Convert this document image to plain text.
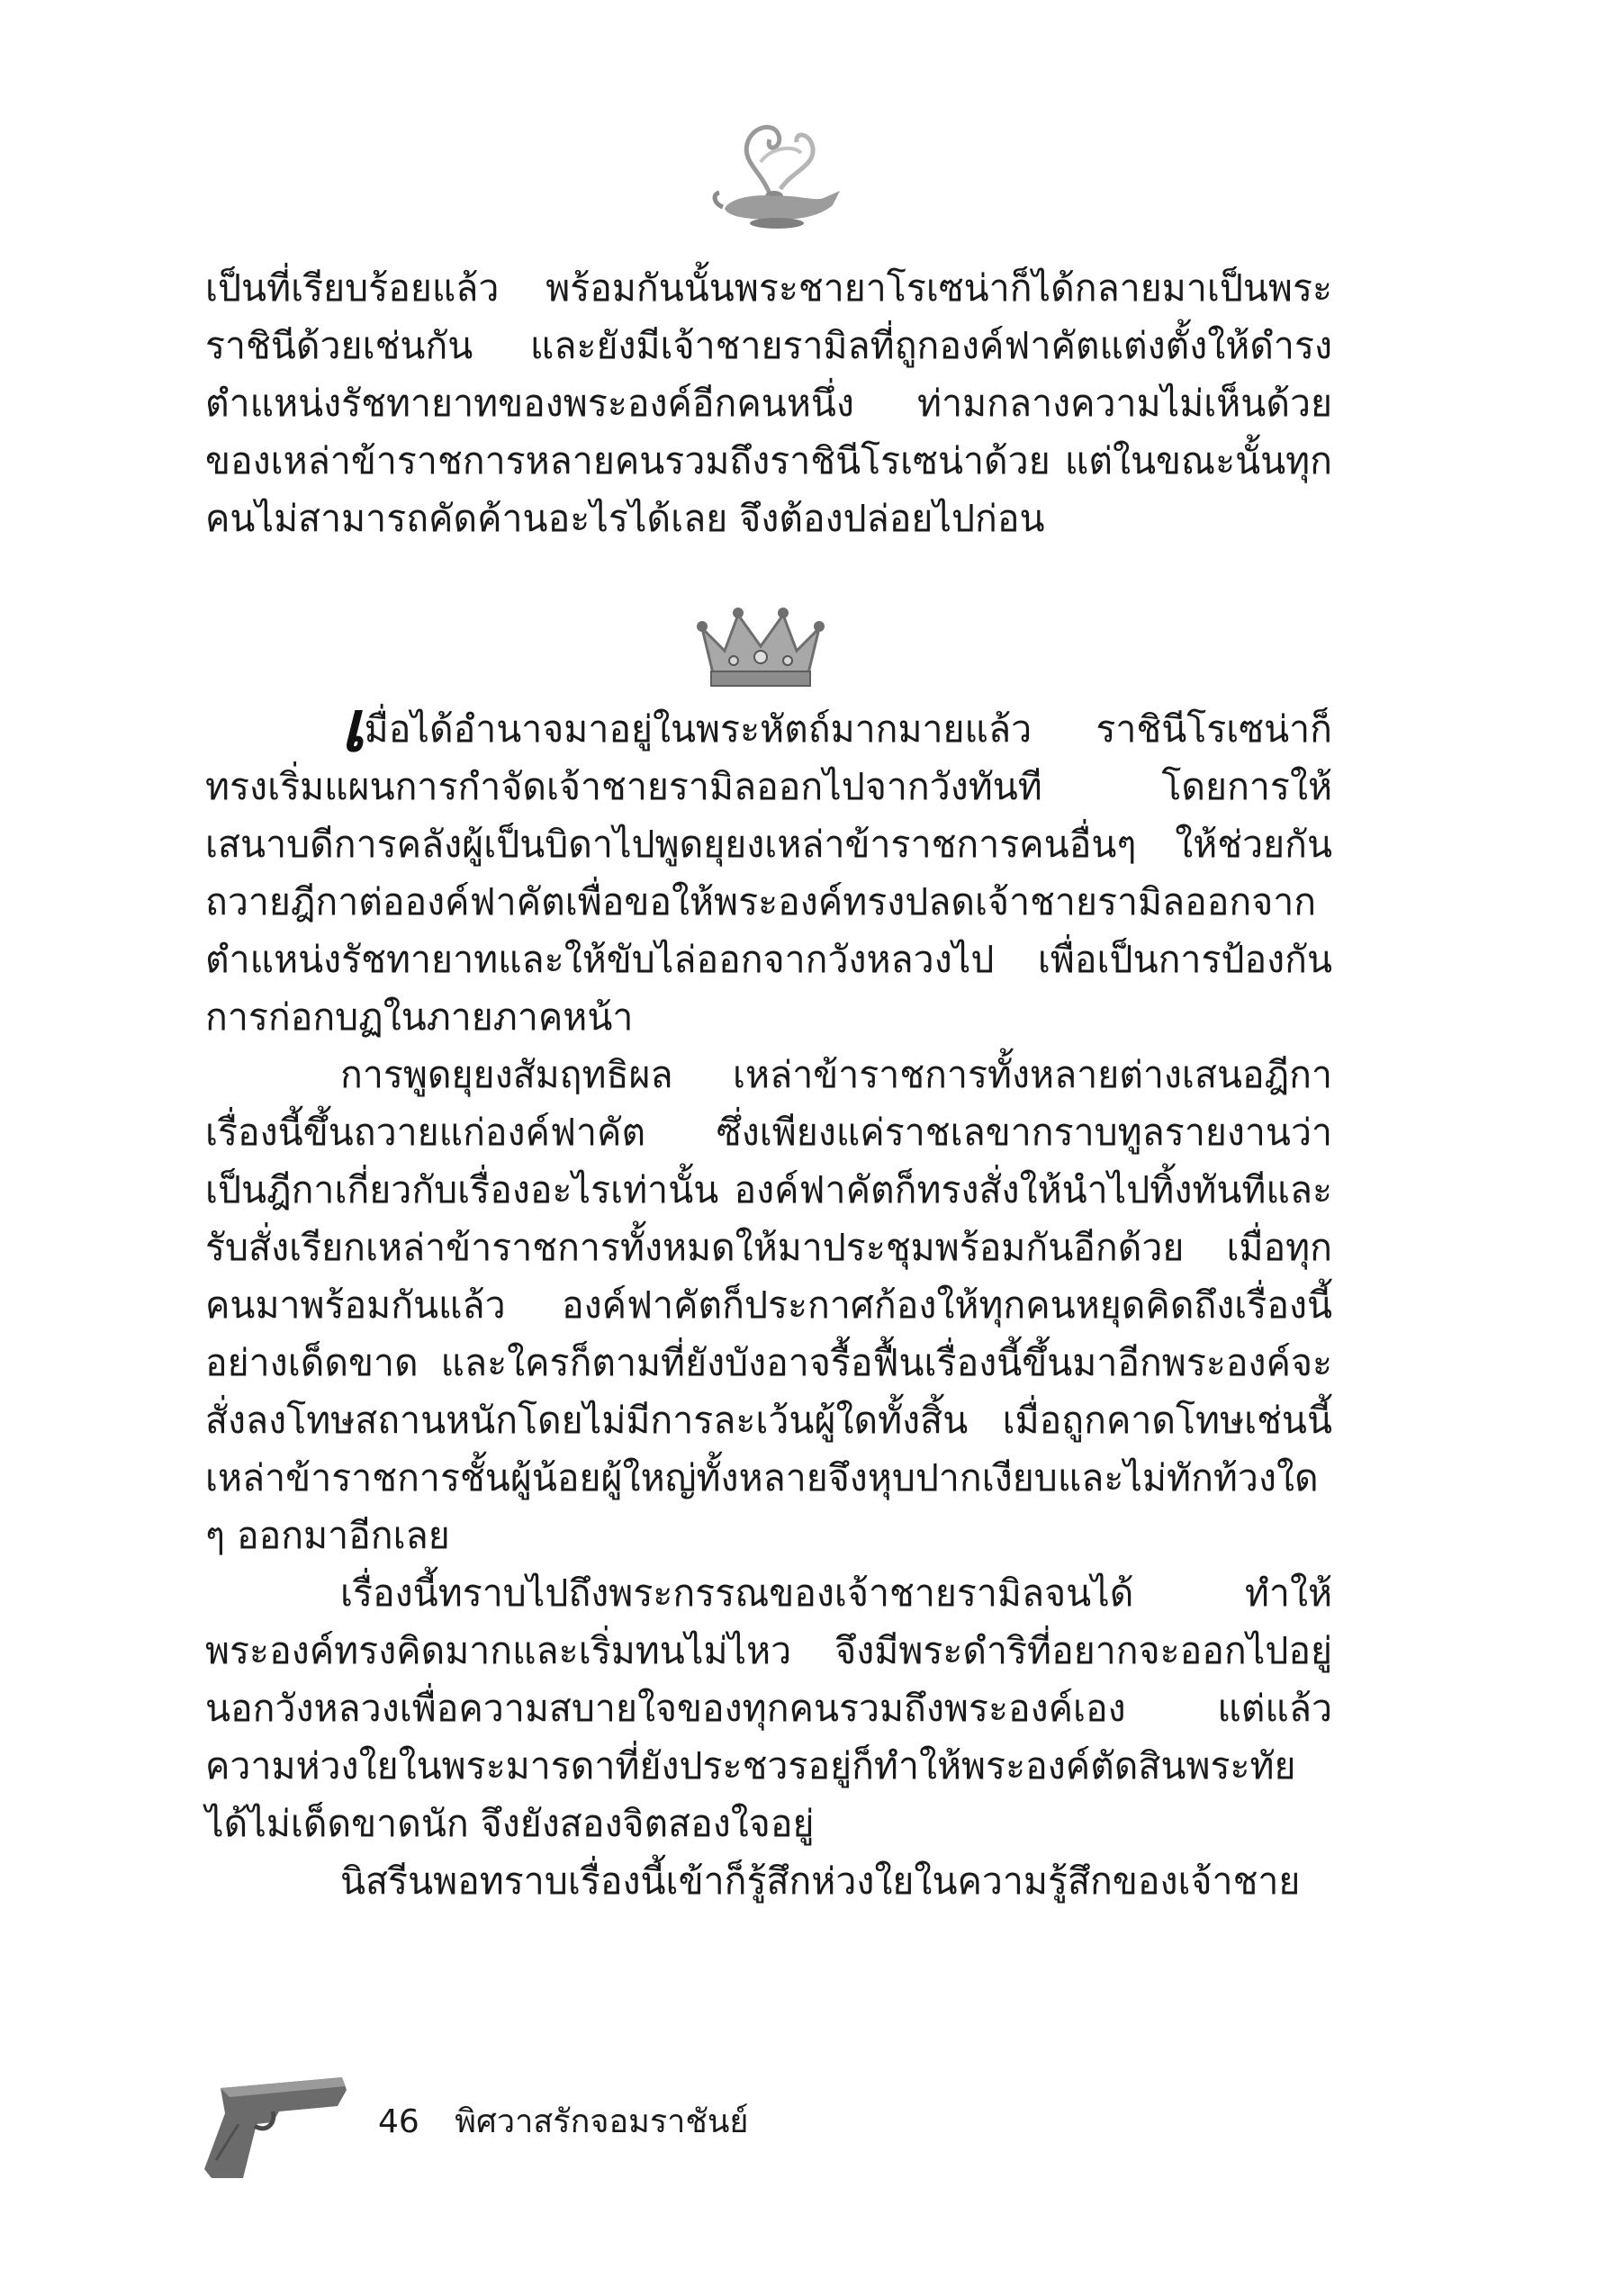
เป็นที่เรียบร้อยแล้ว พร้อมกันนั้นพระชายาโรเซน่าก็ได้กลายมาเป็นพระราชินีด้วยเช่นกัน และยังมีเจ้าชายรามิลที่ถูกองค์ฟาคัตแต่งตั้งให้ดำรงตำแหน่งรัชทายาทของพระองค์อีกคนหนึ่ง ท่ามกลางความไม่เห็นด้วยของเหล่าข้าราชการหลายคนรวมถึงราชินีโรเซน่าด้วย แต่ในขณะนั้นทุกคนไม่สามารถคัดค้านอะไรได้เลย จึงต้องปล่อยไปก่อน

เมื่อได้อำนาจมาอยู่ในพระหัตถ์มากมายแล้ว ราชินีโรเซน่าก็ทรงเริ่มแผนการกำจัดเจ้าชายรามิลออกไปจากวังทันที โดยการให้เสนาบดีการคลังผู้เป็นบิดาไปพูดยุยงเหล่าข้าราชการคนอื่นๆ ให้ช่วยกันถวายฎีกาต่อองค์ฟาคัตเพื่อขอให้พระองค์ทรงปลดเจ้าชายรามิลออกจากตำแหน่งรัชทายาทและให้ขับไล่ออกจากวังหลวงไป เพื่อเป็นการป้องกันการก่อกบฏในภายภาคหน้า

การพูดยุยงสัมฤทธิผล เหล่าข้าราชการทั้งหลายต่างเสนอฎีกาเรื่องนี้ขึ้นถวายแก่องค์ฟาคัต ซึ่งเพียงแค่ราชเลขากราบทูลรายงานว่าเป็นฎีกาเกี่ยวกับเรื่องอะไรเท่านั้น องค์ฟาคัตก็ทรงสั่งให้นำไปทิ้งทันทีและรับสั่งเรียกเหล่าข้าราชการทั้งหมดให้มาประชุมพร้อมกันอีกด้วย เมื่อทุกคนมาพร้อมกันแล้ว องค์ฟาคัตก็ประกาศก้องให้ทุกคนหยุดคิดถึงเรื่องนี้อย่างเด็ดขาด และใครก็ตามที่ยังบังอาจรื้อฟื้นเรื่องนี้ขึ้นมาอีกพระองค์จะสั่งลงโทษสถานหนักโดยไม่มีการละเว้นผู้ใดทั้งสิ้น เมื่อถูกคาดโทษเช่นนี้เหล่าข้าราชการชั้นผู้น้อยผู้ใหญ่ทั้งหลายจึงหุบปากเงียบและไม่ทักท้วงใด ๆ ออกมาอีกเลย

เรื่องนี้ทราบไปถึงพระกรรณของเจ้าชายรามิลจนได้ ทำให้พระองค์ทรงคิดมากและเริ่มทนไม่ไหว จึงมีพระดำริที่อยากจะออกไปอยู่นอกวังหลวงเพื่อความสบายใจของทุกคนรวมถึงพระองค์เอง แต่แล้วความห่วงใยในพระมารดาที่ยังประชวรอยู่ก็ทำให้พระองค์ตัดสินพระทัยได้ไม่เด็ดขาดนัก จึงยังสองจิตสองใจอยู่

นิสรีนพอทราบเรื่องนี้เข้าก็รู้สึกห่วงใยในความรู้สึกของเจ้าชาย

46 พิศวาสรักจอมราชันย์
